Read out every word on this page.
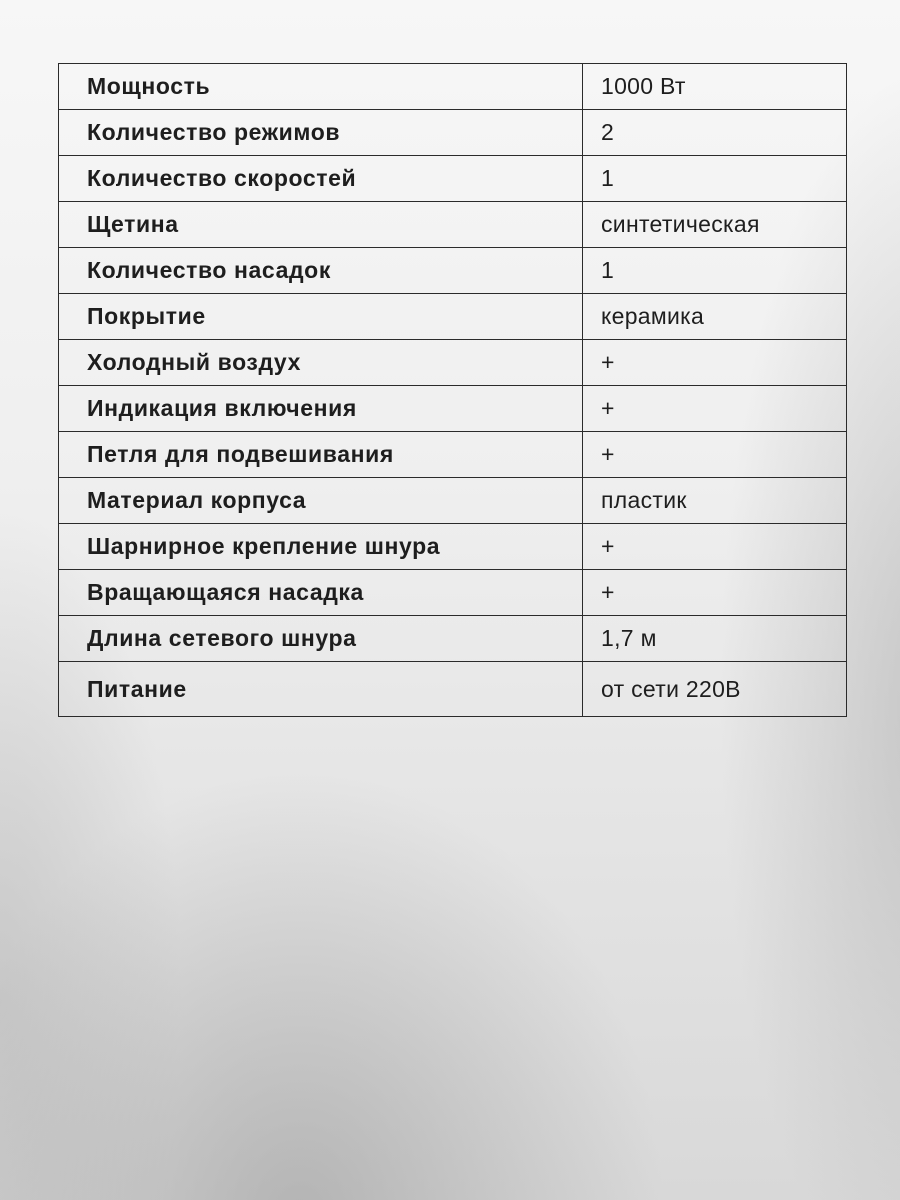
Мощность	1000 Вт
Количество режимов	2
Количество скоростей	1
Щетина	синтетическая
Количество насадок	1
Покрытие	керамика
Холодный воздух	+
Индикация включения	+
Петля для подвешивания	+
Материал корпуса	пластик
Шарнирное крепление шнура	+
Вращающаяся насадка	+
Длина сетевого шнура	1,7 м
Питание	от сети 220В
